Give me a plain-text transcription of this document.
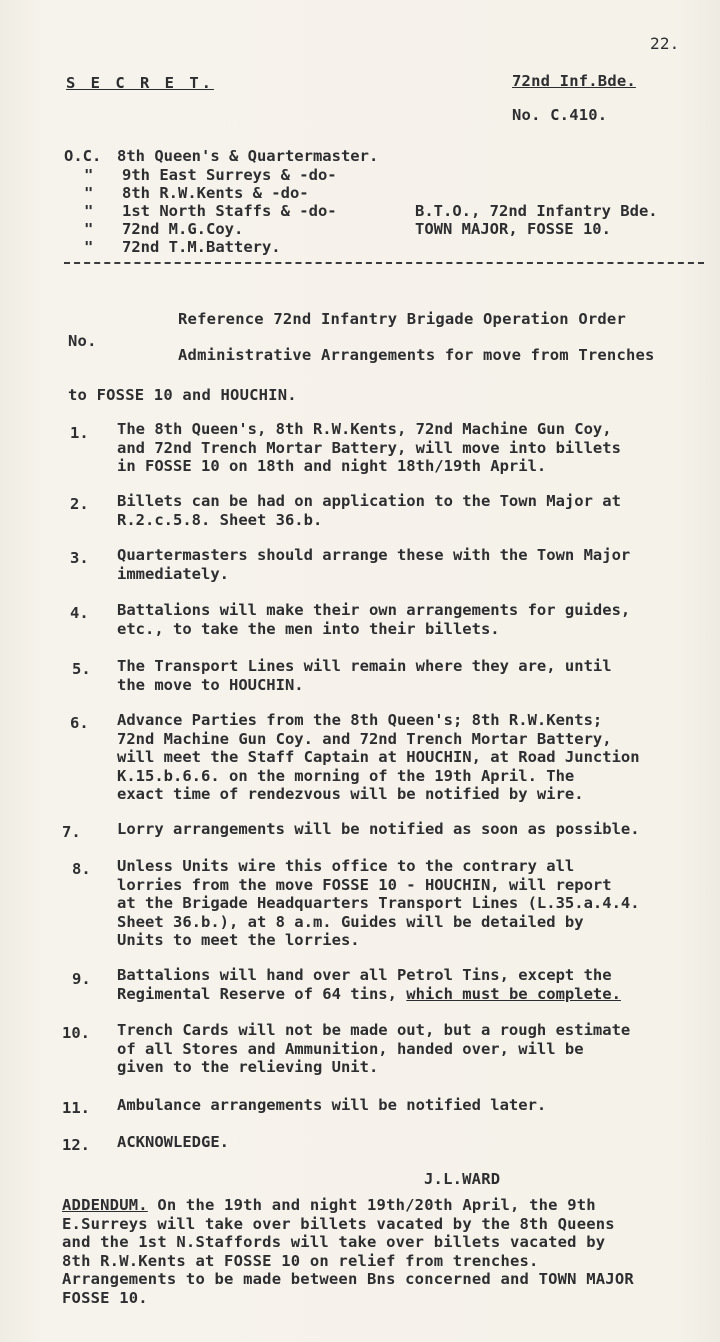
22.
S E C R E T.	72nd Inf.Bde.
No. C.410.
O.C. 8th Queen's & Quartermaster.
" 9th East Surreys & -do-
" 8th R.W.Kents & -do-
" 1st North Staffs & -do-
" 72nd M.G.Coy.
" 72nd T.M.Battery.
B.T.O., 72nd Infantry Bde.
TOWN MAJOR, FOSSE 10.
Reference 72nd Infantry Brigade Operation Order
No.
Administrative Arrangements for move from Trenches
to FOSSE 10 and HOUCHIN.
1. The 8th Queen's, 8th R.W.Kents, 72nd Machine Gun Coy,
and 72nd Trench Mortar Battery, will move into billets
in FOSSE 10 on 18th and night 18th/19th April.
2. Billets can be had on application to the Town Major at
R.2.c.5.8. Sheet 36.b.
3. Quartermasters should arrange these with the Town Major
immediately.
4. Battalions will make their own arrangements for guides,
etc., to take the men into their billets.
5. The Transport Lines will remain where they are, until
the move to HOUCHIN.
6. Advance Parties from the 8th Queen's; 8th R.W.Kents;
72nd Machine Gun Coy. and 72nd Trench Mortar Battery,
will meet the Staff Captain at HOUCHIN, at Road Junction
K.15.b.6.6. on the morning of the 19th April. The
exact time of rendezvous will be notified by wire.
7. Lorry arrangements will be notified as soon as possible.
8. Unless Units wire this office to the contrary all
lorries from the move FOSSE 10 - HOUCHIN, will report
at the Brigade Headquarters Transport Lines (L.35.a.4.4.
Sheet 36.b.), at 8 a.m. Guides will be detailed by
Units to meet the lorries.
9. Battalions will hand over all Petrol Tins, except the
Regimental Reserve of 64 tins, which must be complete.
10. Trench Cards will not be made out, but a rough estimate
of all Stores and Ammunition, handed over, will be
given to the relieving Unit.
11. Ambulance arrangements will be notified later.
12. ACKNOWLEDGE.
J.L.WARD
ADDENDUM. On the 19th and night 19th/20th April, the 9th
E.Surreys will take over billets vacated by the 8th Queens
and the 1st N.Staffords will take over billets vacated by
8th R.W.Kents at FOSSE 10 on relief from trenches.
Arrangements to be made between Bns concerned and TOWN MAJOR
FOSSE 10.
